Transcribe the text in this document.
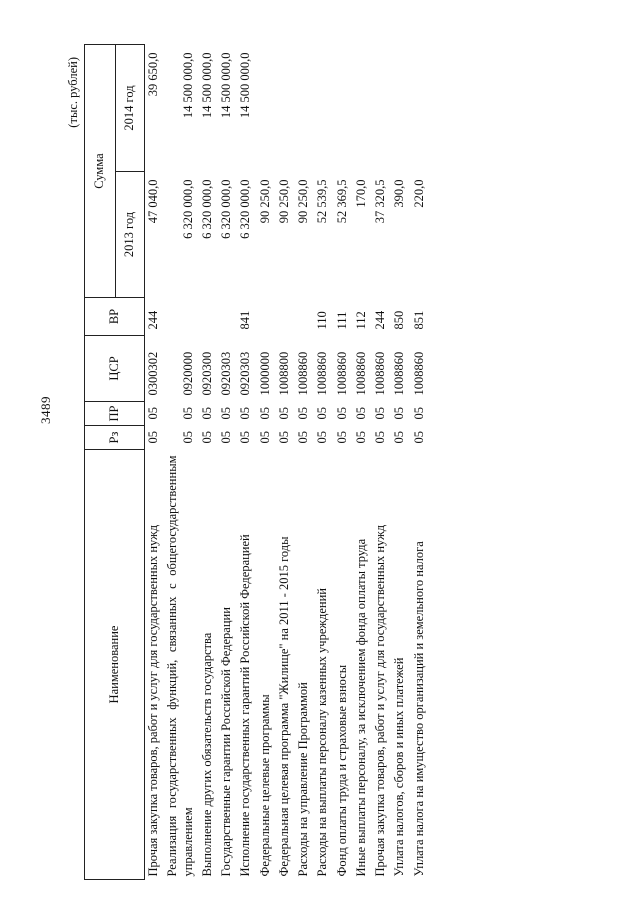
3489
(тыс. рублей)
Наименование	Рз	ПР	ЦСР	ВР	Сумма	
					2013 год	2014 год
Прочая закупка товаров, работ и услуг для государственных нужд	05	05	0300302	244	47 040,0	39 650,0
Реализация государственных функций, связанных с общегосударственным управлением	05	05	0920000		6 320 000,0	14 500 000,0
Выполнение других обязательств государства	05	05	0920300		6 320 000,0	14 500 000,0
Государственные гарантии Российской Федерации	05	05	0920303		6 320 000,0	14 500 000,0
Исполнение государственных гарантий Российской Федерацией	05	05	0920303	841	6 320 000,0	14 500 000,0
Федеральные целевые программы	05	05	1000000		90 250,0	
Федеральная целевая программа "Жилище" на 2011 - 2015 годы	05	05	1008800		90 250,0	
Расходы на управление Программой	05	05	1008860		90 250,0	
Расходы на выплаты персоналу казенных учреждений	05	05	1008860	110	52 539,5	
Фонд оплаты труда и страховые взносы	05	05	1008860	111	52 369,5	
Иные выплаты персоналу, за исключением фонда оплаты труда	05	05	1008860	112	170,0	
Прочая закупка товаров, работ и услуг для государственных нужд	05	05	1008860	244	37 320,5	
Уплата налогов, сборов и иных платежей	05	05	1008860	850	390,0	
Уплата налога на имущество организаций и земельного налога	05	05	1008860	851	220,0	
